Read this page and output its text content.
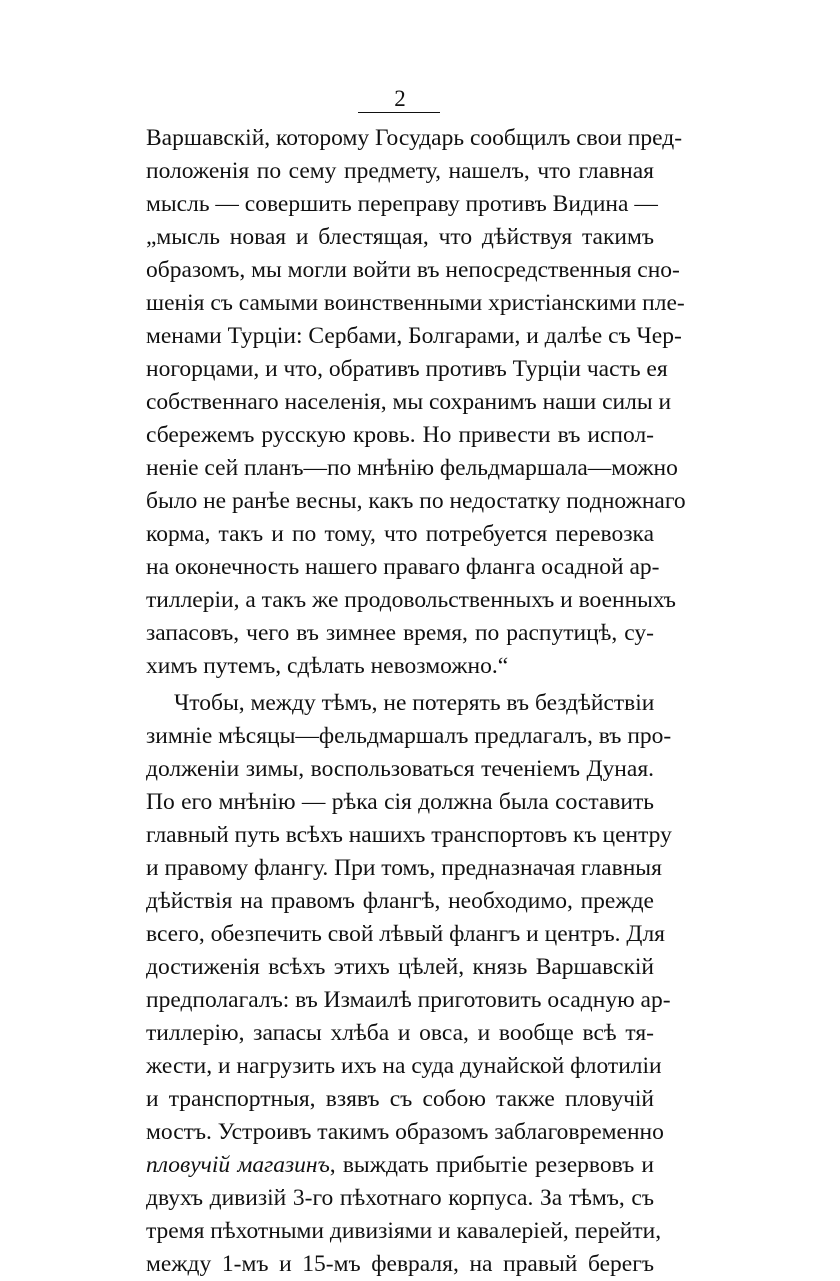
2
Варшавскій, которому Государь сообщилъ свои пред-
положенія по сему предмету, нашелъ, что главная
мысль — совершить переправу противъ Видина —
„мысль новая и блестящая, что дѣйствуя такимъ
образомъ, мы могли войти въ непосредственныя сно-
шенія съ самыми воинственными христіанскими пле-
менами Турціи: Сербами, Болгарами, и далѣе съ Чер-
ногорцами, и что, обративъ противъ Турціи часть ея
собственнаго населенія, мы сохранимъ наши силы и
сбережемъ русскую кровь. Но привести въ испол-
ненie сей планъ—по мнѣнію фельдмаршала—можно
было не ранѣе весны, какъ по недостатку подножнаго
корма, такъ и по тому, что потребуется перевозка
на оконечность нашего праваго фланга осадной ар-
тиллеріи, а такъ же продовольственныхъ и военныхъ
запасовъ, чего въ зимнее время, по распутицѣ, су-
химъ путемъ, сдѣлать невозможно.“
Чтобы, между тѣмъ, не потерять въ бездѣйствіи
зимніе мѣсяцы—фельдмаршалъ предлагалъ, въ про-
долженіи зимы, воспользоваться теченіемъ Дуная.
По его мнѣнію — рѣка сія должна была составить
главный путь всѣхъ нашихъ транспортовъ къ центру
и правому флангу. При томъ, предназначая главныя
дѣйствія на правомъ флангѣ, необходимо, прежде
всего, обезпечить свой лѣвый флангъ и центръ. Для
достиженія всѣхъ этихъ цѣлей, князь Варшавскій
предполагалъ: въ Измаилѣ приготовить осадную ар-
тиллерію, запасы хлѣба и овса, и вообще всѣ тя-
жести, и нагрузить ихъ на суда дунайской флотиліи
и транспортныя, взявъ съ собою также пловучій
мостъ. Устроивъ такимъ образомъ заблаговременно
пловучій магазинъ, выждать прибытіе резервовъ и
двухъ дивизій 3-го пѣхотнаго корпуса. За тѣмъ, съ
тремя пѣхотными дивизіями и кавалеріей, перейти,
между 1-мъ и 15-мъ февраля, на правый берегъ
